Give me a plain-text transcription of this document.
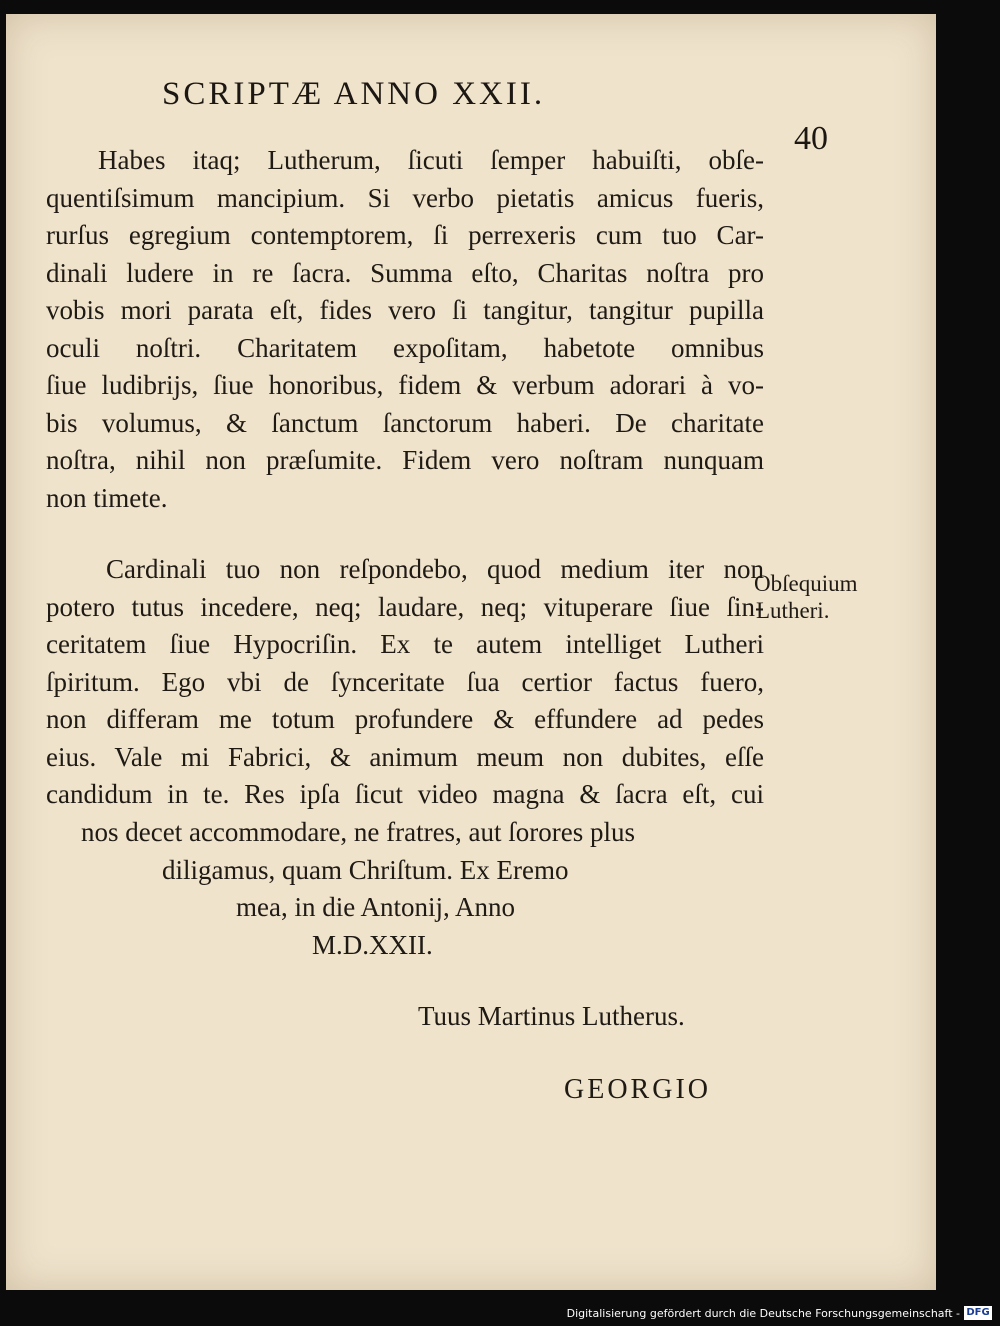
SCRIPTÆ ANNO XXII.
40
Habes itaq; Lutherum, ſicuti ſemper habuiſti, obſe-
quentiſsimum mancipium. Si verbo pietatis amicus fueris,
rurſus egregium contemptorem, ſi perrexeris cum tuo Car-
dinali ludere in re ſacra. Summa eſto, Charitas noſtra pro
vobis mori parata eſt, fides vero ſi tangitur, tangitur pupilla
oculi noſtri. Charitatem expoſitam, habetote omnibus
ſiue ludibrijs, ſiue honoribus, fidem & verbum adorari à vo-
bis volumus, & ſanctum ſanctorum haberi. De charitate
noſtra, nihil non præſumite. Fidem vero noſtram nunquam
non timete.
Cardinali tuo non reſpondebo, quod medium iter non
potero tutus incedere, neq; laudare, neq; vituperare ſiue ſin-
ceritatem ſiue Hypocriſin. Ex te autem intelliget Lutheri
ſpiritum. Ego vbi de ſynceritate ſua certior factus fuero,
non differam me totum profundere & effundere ad pedes
eius. Vale mi Fabrici, & animum meum non dubites, eſſe
candidum in te. Res ipſa ſicut video magna & ſacra eſt, cui
nos decet accommodare, ne fratres, aut ſorores plus
diligamus, quam Chriſtum. Ex Eremo
mea, in die Antonij, Anno
M.D.XXII.
Obſequium
Lutheri.
Tuus Martinus Lutherus.
GEORGIO
Digitalisierung gefördert durch die Deutsche Forschungsgemeinschaft - DFG
